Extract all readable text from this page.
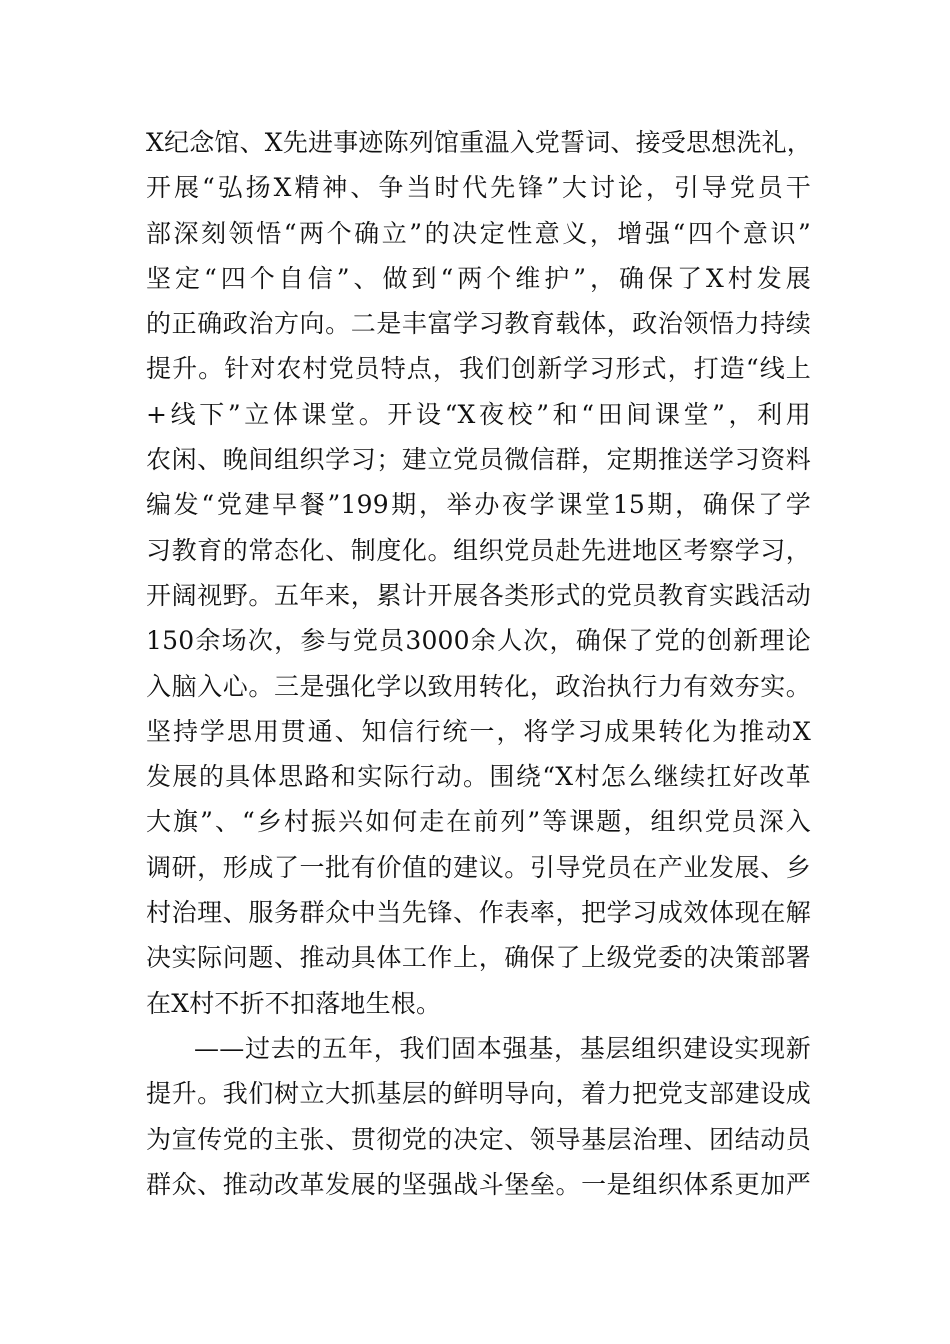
X纪念馆、X先进事迹陈列馆重温入党誓词、接受思想洗礼，
开展“弘扬X精神、争当时代先锋”大讨论，引导党员干
部深刻领悟“两个确立”的决定性意义，增强“四个意识”
坚定“四个自信”、做到“两个维护”，确保了X村发展
的正确政治方向。二是丰富学习教育载体，政治领悟力持续
提升。针对农村党员特点，我们创新学习形式，打造“线上
+线下”立体课堂。开设“X夜校”和“田间课堂”，利用
农闲、晚间组织学习；建立党员微信群，定期推送学习资料
编发“党建早餐”199期，举办夜学课堂15期，确保了学
习教育的常态化、制度化。组织党员赴先进地区考察学习，
开阔视野。五年来，累计开展各类形式的党员教育实践活动
150余场次，参与党员3000余人次，确保了党的创新理论
入脑入心。三是强化学以致用转化，政治执行力有效夯实。
坚持学思用贯通、知信行统一，将学习成果转化为推动X
发展的具体思路和实际行动。围绕“X村怎么继续扛好改革
大旗”、“乡村振兴如何走在前列”等课题，组织党员深入
调研，形成了一批有价值的建议。引导党员在产业发展、乡
村治理、服务群众中当先锋、作表率，把学习成效体现在解
决实际问题、推动具体工作上，确保了上级党委的决策部署
在X村不折不扣落地生根。
——过去的五年，我们固本强基，基层组织建设实现新
提升。我们树立大抓基层的鲜明导向，着力把党支部建设成
为宣传党的主张、贯彻党的决定、领导基层治理、团结动员
群众、推动改革发展的坚强战斗堡垒。一是组织体系更加严
